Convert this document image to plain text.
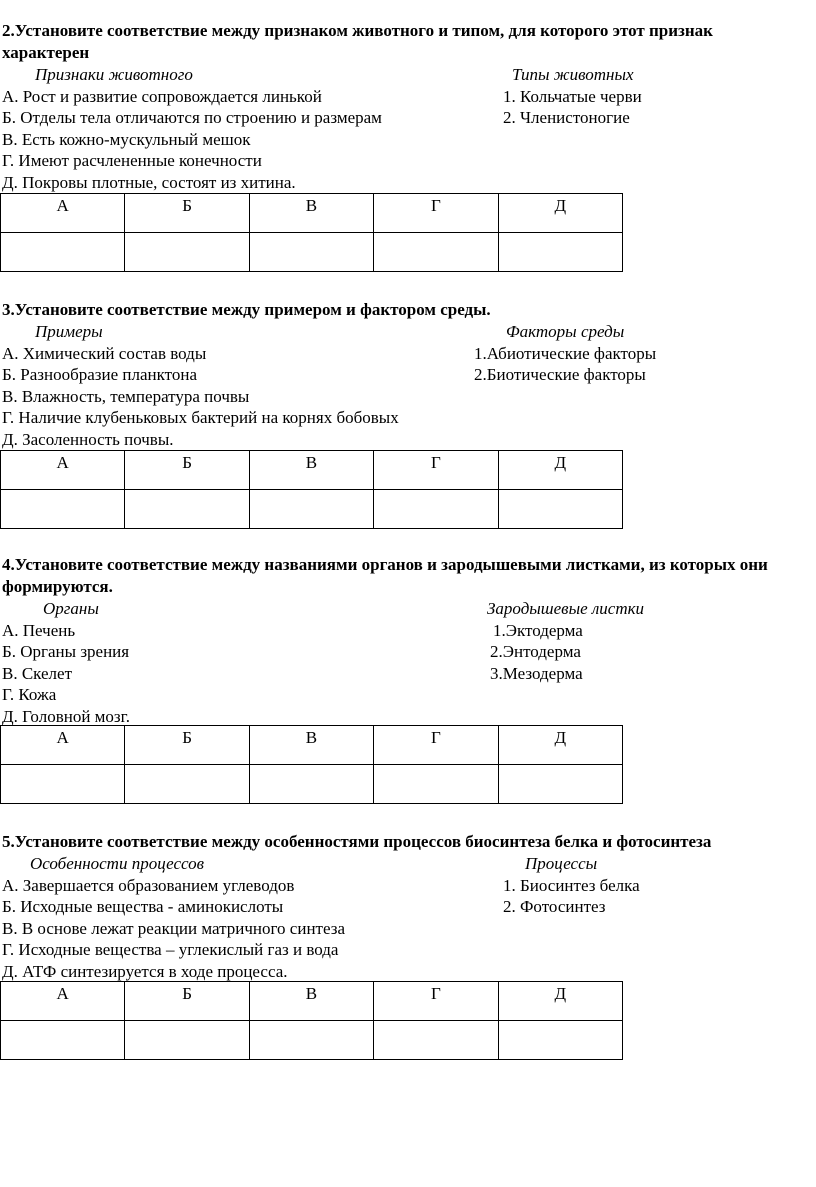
2.Установите соответствие между признаком животного и типом, для которого этот признак характерен

Признаки животного	Типы животных
А. Рост и развитие сопровождается линькой	1. Кольчатые черви
Б. Отделы тела отличаются по строению и размерам	2. Членистоногие
В. Есть кожно-мускульный мешок
Г. Имеют расчлененные конечности
Д. Покровы плотные, состоят из хитина.
А	Б	В	Г	Д

3.Установите соответствие между примером и фактором среды.

Примеры	Факторы среды
А. Химический состав воды	1.Абиотические факторы
Б. Разнообразие планктона	2.Биотические факторы
В. Влажность, температура почвы
Г. Наличие клубеньковых бактерий на корнях бобовых
Д. Засоленность почвы.
А	Б	В	Г	Д

4.Установите соответствие между названиями органов и зародышевыми листками, из которых они формируются.

Органы	Зародышевые листки
А. Печень	1.Эктодерма
Б. Органы зрения	2.Энтодерма
В. Скелет	3.Мезодерма
Г. Кожа
Д. Головной мозг.
А	Б	В	Г	Д

5.Установите соответствие между особенностями процессов биосинтеза белка и фотосинтеза

Особенности процессов	Процессы
А. Завершается образованием углеводов	1. Биосинтез белка
Б. Исходные вещества - аминокислоты	2. Фотосинтез
В. В основе лежат реакции матричного синтеза
Г. Исходные вещества – углекислый газ и вода
Д. АТФ синтезируется в ходе процесса.
А	Б	В	Г	Д
